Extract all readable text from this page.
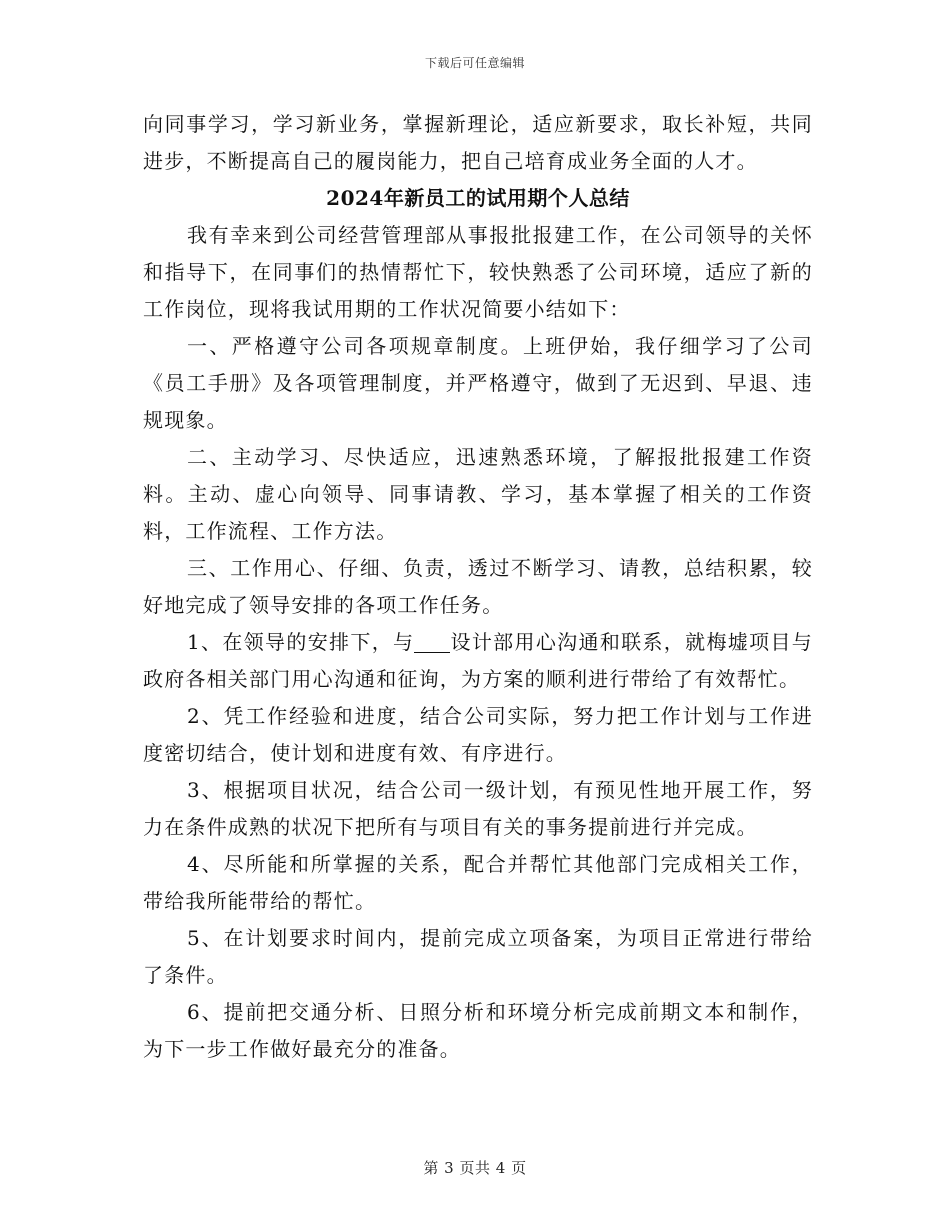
下载后可任意编辑

向同事学习，学习新业务，掌握新理论，适应新要求，取长补短，共同进步，不断提高自己的履岗能力，把自己培育成业务全面的人才。

2024年新员工的试用期个人总结

我有幸来到公司经营管理部从事报批报建工作，在公司领导的关怀和指导下，在同事们的热情帮忙下，较快熟悉了公司环境，适应了新的工作岗位，现将我试用期的工作状况简要小结如下：

一、严格遵守公司各项规章制度。上班伊始，我仔细学习了公司《员工手册》及各项管理制度，并严格遵守，做到了无迟到、早退、违规现象。

二、主动学习、尽快适应，迅速熟悉环境，了解报批报建工作资料。主动、虚心向领导、同事请教、学习，基本掌握了相关的工作资料，工作流程、工作方法。

三、工作用心、仔细、负责，透过不断学习、请教，总结积累，较好地完成了领导安排的各项工作任务。

1、在领导的安排下，与 设计部用心沟通和联系，就梅墟项目与政府各相关部门用心沟通和征询，为方案的顺利进行带给了有效帮忙。

2、凭工作经验和进度，结合公司实际，努力把工作计划与工作进度密切结合，使计划和进度有效、有序进行。

3、根据项目状况，结合公司一级计划，有预见性地开展工作，努力在条件成熟的状况下把所有与项目有关的事务提前进行并完成。

4、尽所能和所掌握的关系，配合并帮忙其他部门完成相关工作，带给我所能带给的帮忙。

5、在计划要求时间内，提前完成立项备案，为项目正常进行带给了条件。

6、提前把交通分析、日照分析和环境分析完成前期文本和制作，为下一步工作做好最充分的准备。

第 3 页共 4 页
